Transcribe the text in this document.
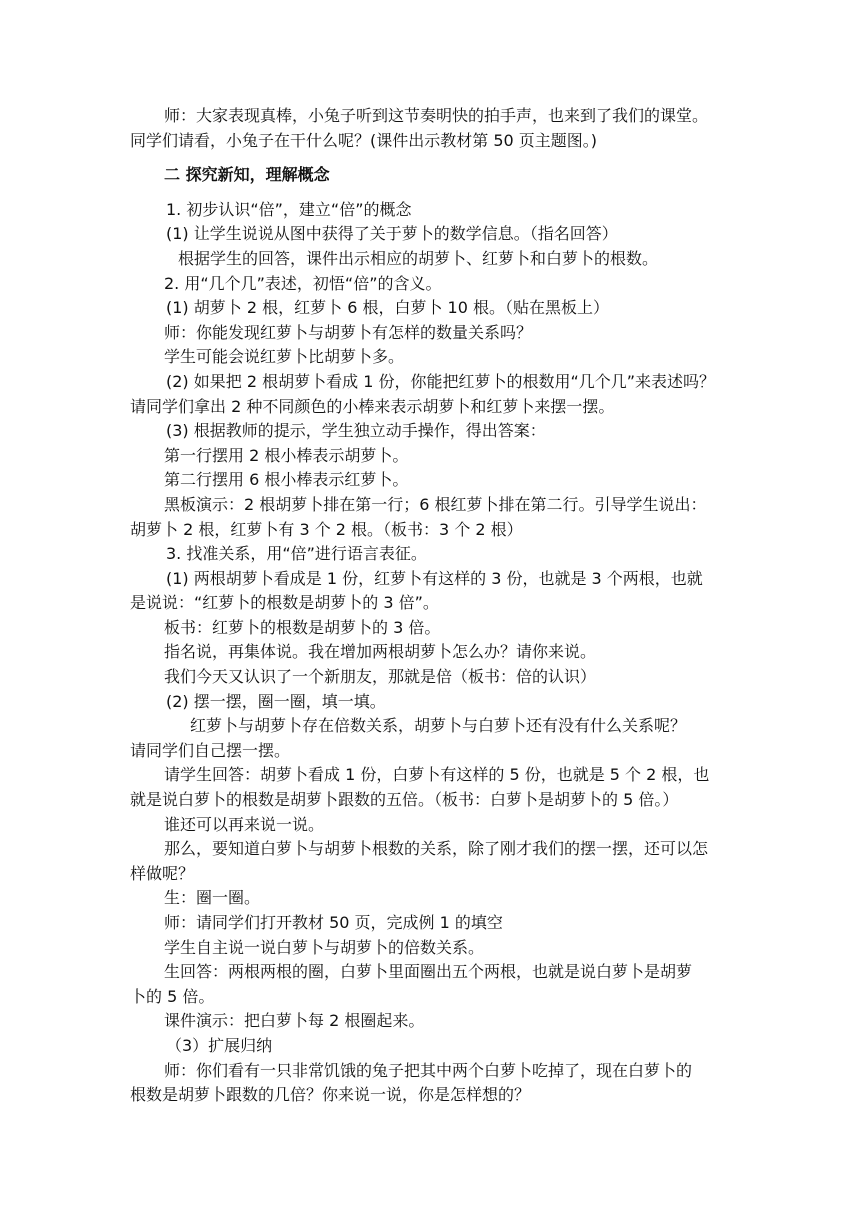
师：大家表现真棒，小兔子听到这节奏明快的拍手声，也来到了我们的课堂。
同学们请看，小兔子在干什么呢？(课件出示教材第 50 页主题图。)
二 探究新知，理解概念
1. 初步认识“倍”，建立“倍”的概念
(1) 让学生说说从图中获得了关于萝卜的数学信息。（指名回答）
根据学生的回答，课件出示相应的胡萝卜、红萝卜和白萝卜的根数。
2. 用“几个几”表述，初悟“倍”的含义。
(1) 胡萝卜 2 根，红萝卜 6 根，白萝卜 10 根。（贴在黑板上）
师：你能发现红萝卜与胡萝卜有怎样的数量关系吗？
学生可能会说红萝卜比胡萝卜多。
(2) 如果把 2 根胡萝卜看成 1 份，你能把红萝卜的根数用“几个几”来表述吗？
请同学们拿出 2 种不同颜色的小棒来表示胡萝卜和红萝卜来摆一摆。
(3) 根据教师的提示，学生独立动手操作，得出答案：
第一行摆用 2 根小棒表示胡萝卜。
第二行摆用 6 根小棒表示红萝卜。
黑板演示：2 根胡萝卜排在第一行；6 根红萝卜排在第二行。引导学生说出：
胡萝卜 2 根，红萝卜有 3 个 2 根。（板书：3 个 2 根）
3. 找准关系，用“倍”进行语言表征。
(1) 两根胡萝卜看成是 1 份，红萝卜有这样的 3 份，也就是 3 个两根，也就
是说说：“红萝卜的根数是胡萝卜的 3 倍”。
板书：红萝卜的根数是胡萝卜的 3 倍。
指名说，再集体说。我在增加两根胡萝卜怎么办？请你来说。
我们今天又认识了一个新朋友，那就是倍（板书：倍的认识）
(2) 摆一摆，圈一圈，填一填。
红萝卜与胡萝卜存在倍数关系，胡萝卜与白萝卜还有没有什么关系呢？
请同学们自己摆一摆。
请学生回答：胡萝卜看成 1 份，白萝卜有这样的 5 份，也就是 5 个 2 根，也
就是说白萝卜的根数是胡萝卜跟数的五倍。（板书：白萝卜是胡萝卜的 5 倍。）
谁还可以再来说一说。
那么，要知道白萝卜与胡萝卜根数的关系，除了刚才我们的摆一摆，还可以怎
样做呢？
生：圈一圈。
师：请同学们打开教材 50 页，完成例 1 的填空
学生自主说一说白萝卜与胡萝卜的倍数关系。
生回答：两根两根的圈，白萝卜里面圈出五个两根，也就是说白萝卜是胡萝
卜的 5 倍。
课件演示：把白萝卜每 2 根圈起来。
（3）扩展归纳
师：你们看有一只非常饥饿的兔子把其中两个白萝卜吃掉了，现在白萝卜的
根数是胡萝卜跟数的几倍？你来说一说，你是怎样想的？
